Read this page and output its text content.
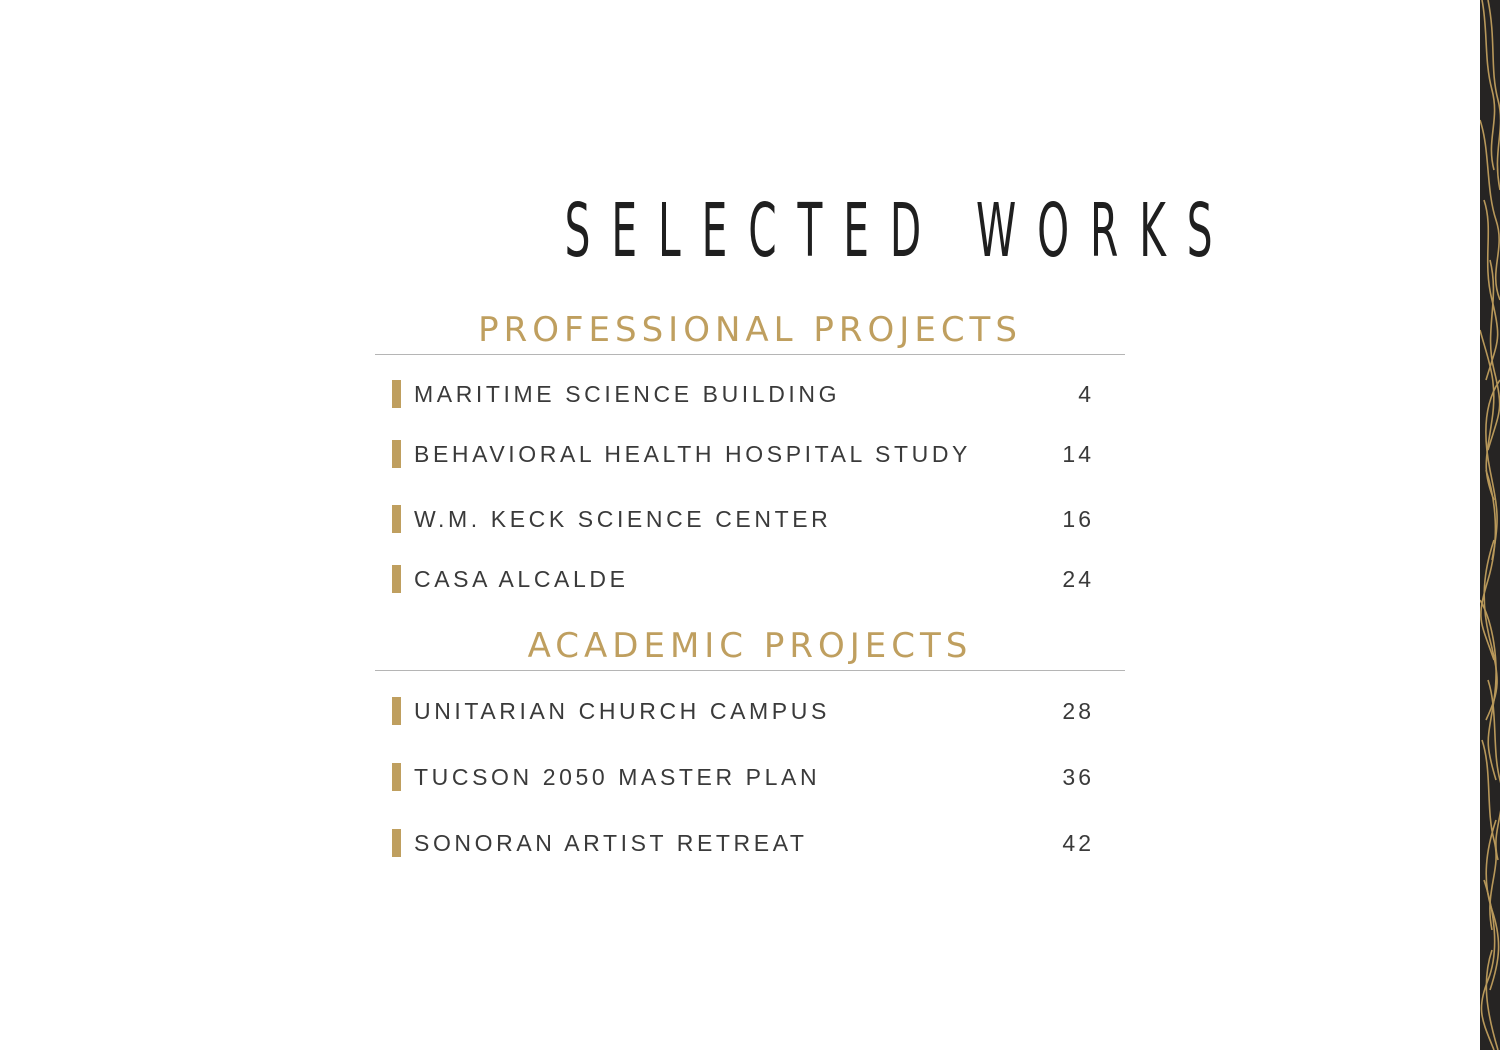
SELECTED WORKS
PROFESSIONAL PROJECTS
MARITIME SCIENCE BUILDING	4
BEHAVIORAL HEALTH HOSPITAL STUDY	14
W.M. KECK SCIENCE CENTER	16
CASA ALCALDE	24
ACADEMIC PROJECTS
UNITARIAN CHURCH CAMPUS	28
TUCSON 2050 MASTER PLAN	36
SONORAN ARTIST RETREAT	42
